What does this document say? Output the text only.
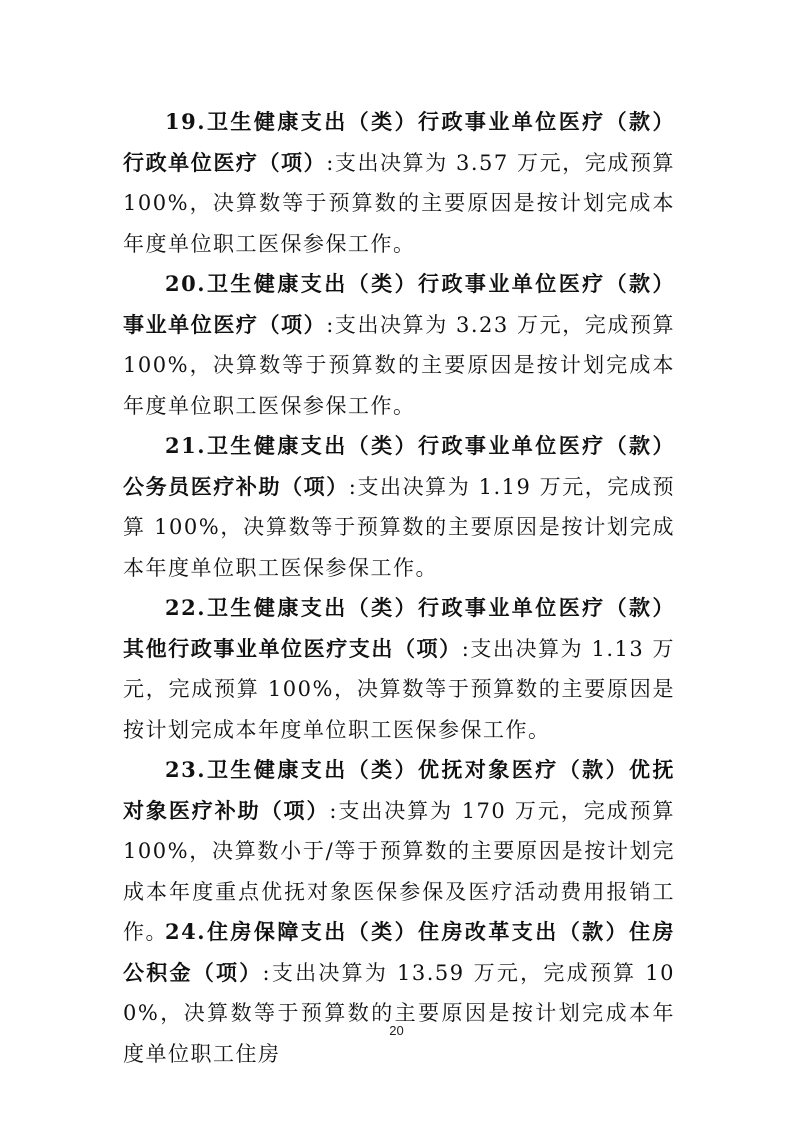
19.卫生健康支出（类）行政事业单位医疗（款）行政单位医疗（项）:支出决算为 3.57 万元，完成预算 100%，决算数等于预算数的主要原因是按计划完成本年度单位职工医保参保工作。

20.卫生健康支出（类）行政事业单位医疗（款）事业单位医疗（项）:支出决算为 3.23 万元，完成预算 100%，决算数等于预算数的主要原因是按计划完成本年度单位职工医保参保工作。

21.卫生健康支出（类）行政事业单位医疗（款）公务员医疗补助（项）:支出决算为 1.19 万元，完成预算 100%，决算数等于预算数的主要原因是按计划完成本年度单位职工医保参保工作。

22.卫生健康支出（类）行政事业单位医疗（款）其他行政事业单位医疗支出（项）:支出决算为 1.13 万元，完成预算 100%，决算数等于预算数的主要原因是按计划完成本年度单位职工医保参保工作。

23.卫生健康支出（类）优抚对象医疗（款）优抚对象医疗补助（项）:支出决算为 170 万元，完成预算 100%，决算数小于/等于预算数的主要原因是按计划完成本年度重点优抚对象医保参保及医疗活动费用报销工作。

24.住房保障支出（类）住房改革支出（款）住房公积金（项）:支出决算为 13.59 万元，完成预算 100%，决算数等于预算数的主要原因是按计划完成本年度单位职工住房

20
